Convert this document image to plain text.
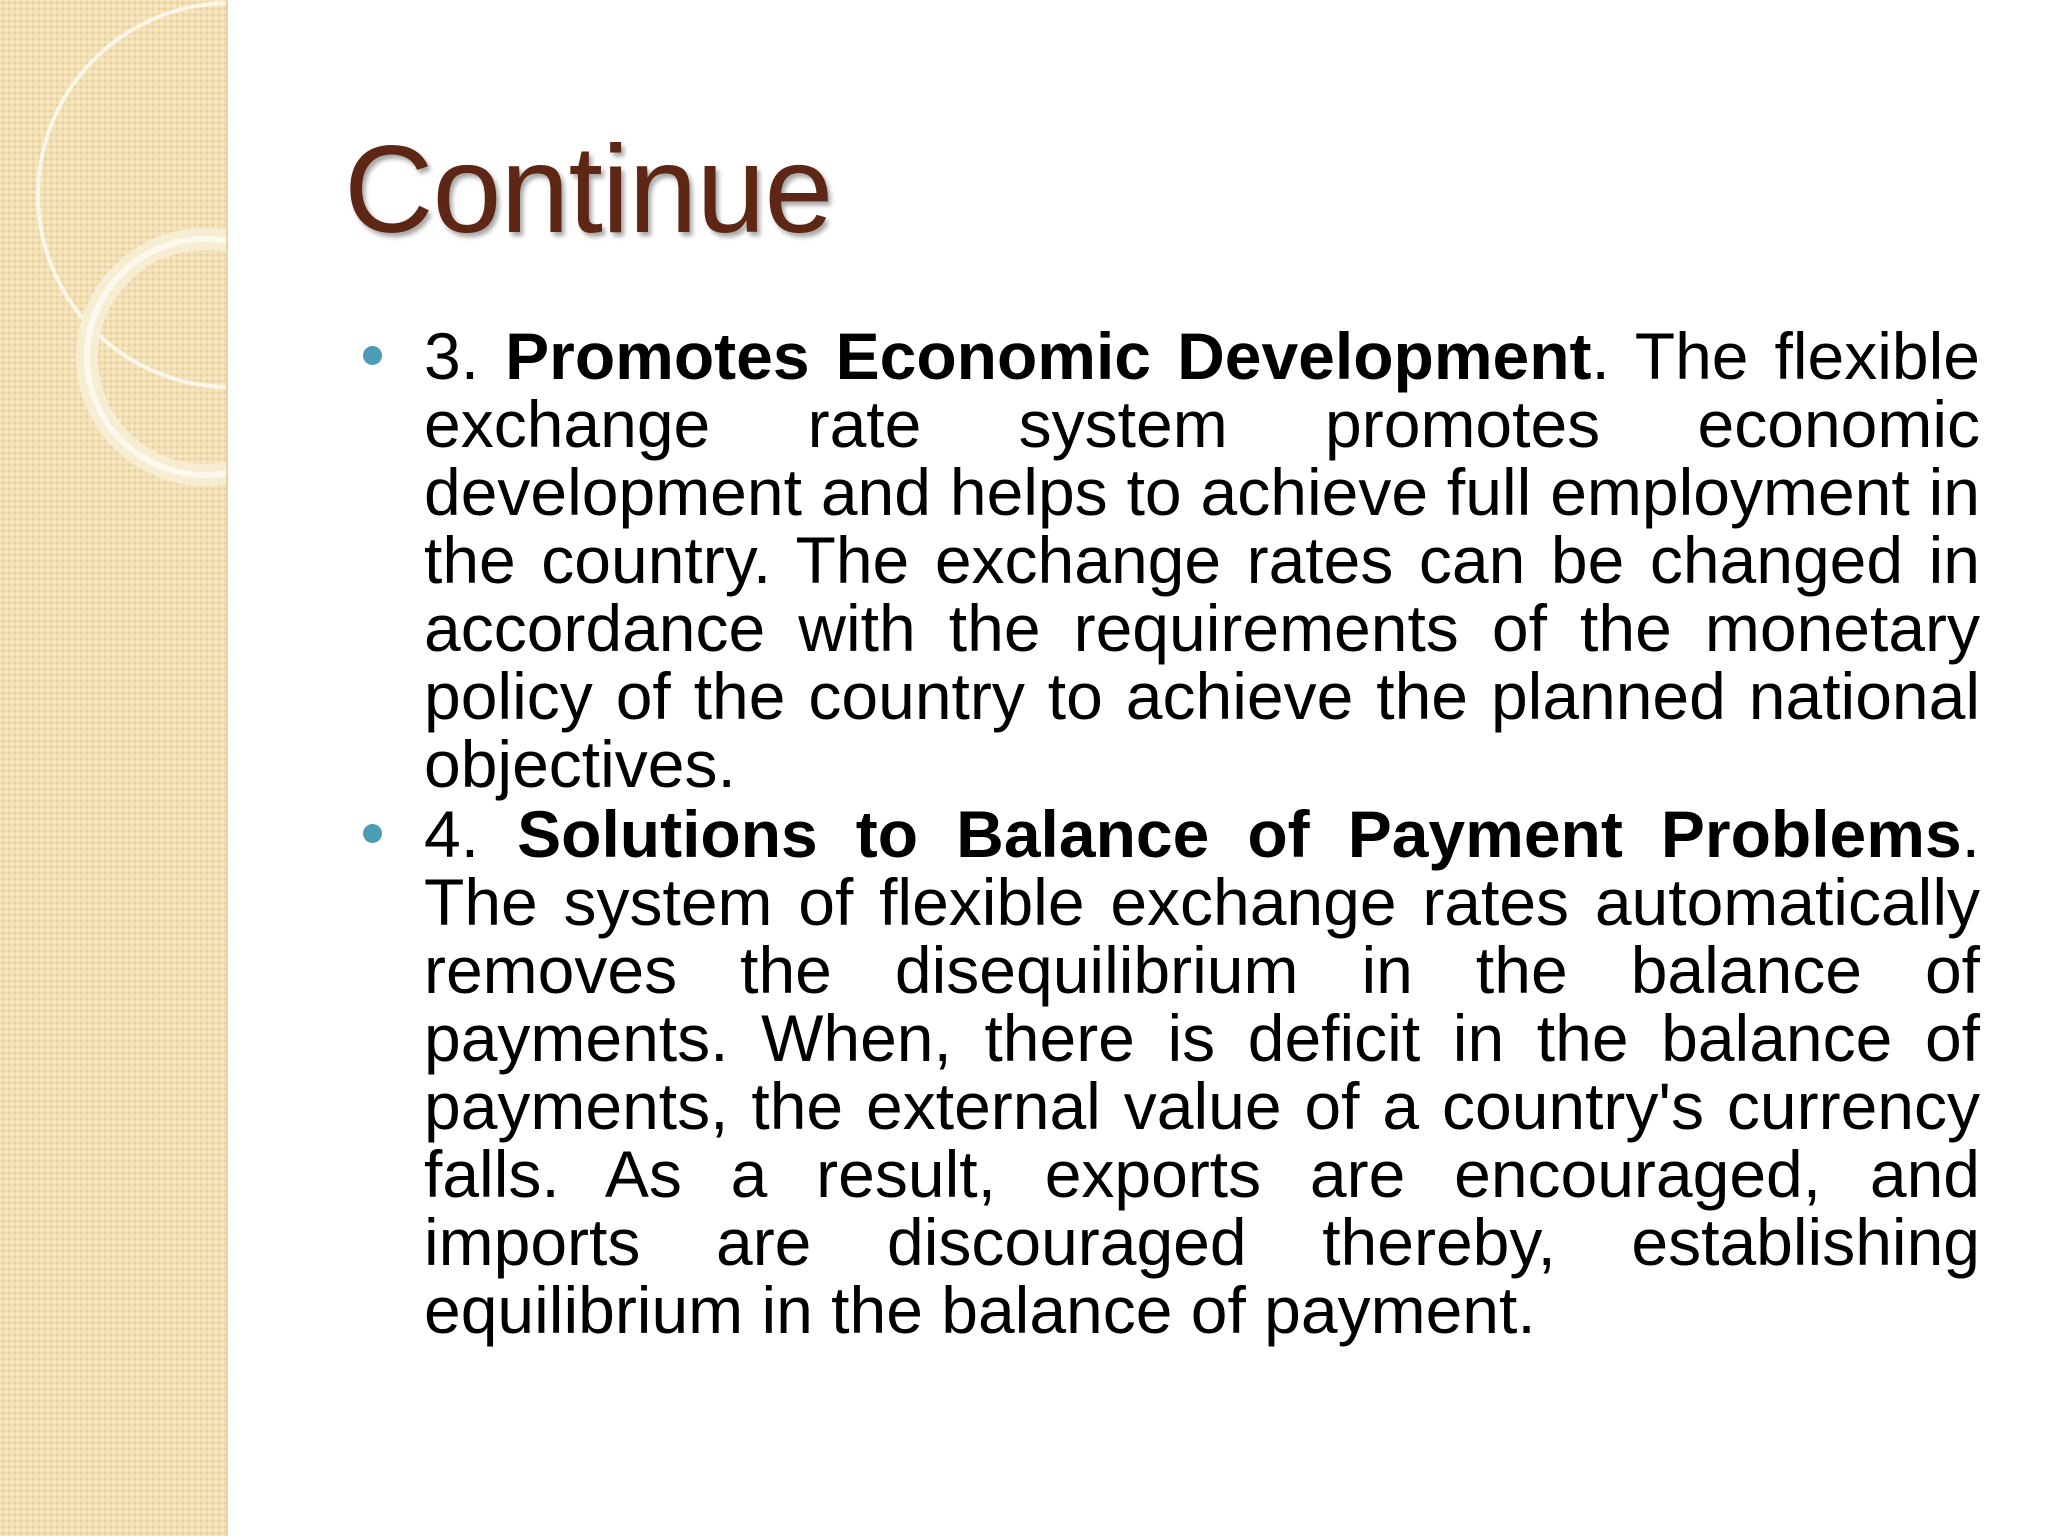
Continue
3. Promotes Economic Development. The flexible exchange rate system promotes economic development and helps to achieve full employment in the country. The exchange rates can be changed in accordance with the requirements of the monetary policy of the country to achieve the planned national objectives.
4. Solutions to Balance of Payment Problems. The system of flexible exchange rates automatically removes the disequilibrium in the balance of payments. When, there is deficit in the balance of payments, the external value of a country's currency falls. As a result, exports are encouraged, and imports are discouraged thereby, establishing equilibrium in the balance of payment.
